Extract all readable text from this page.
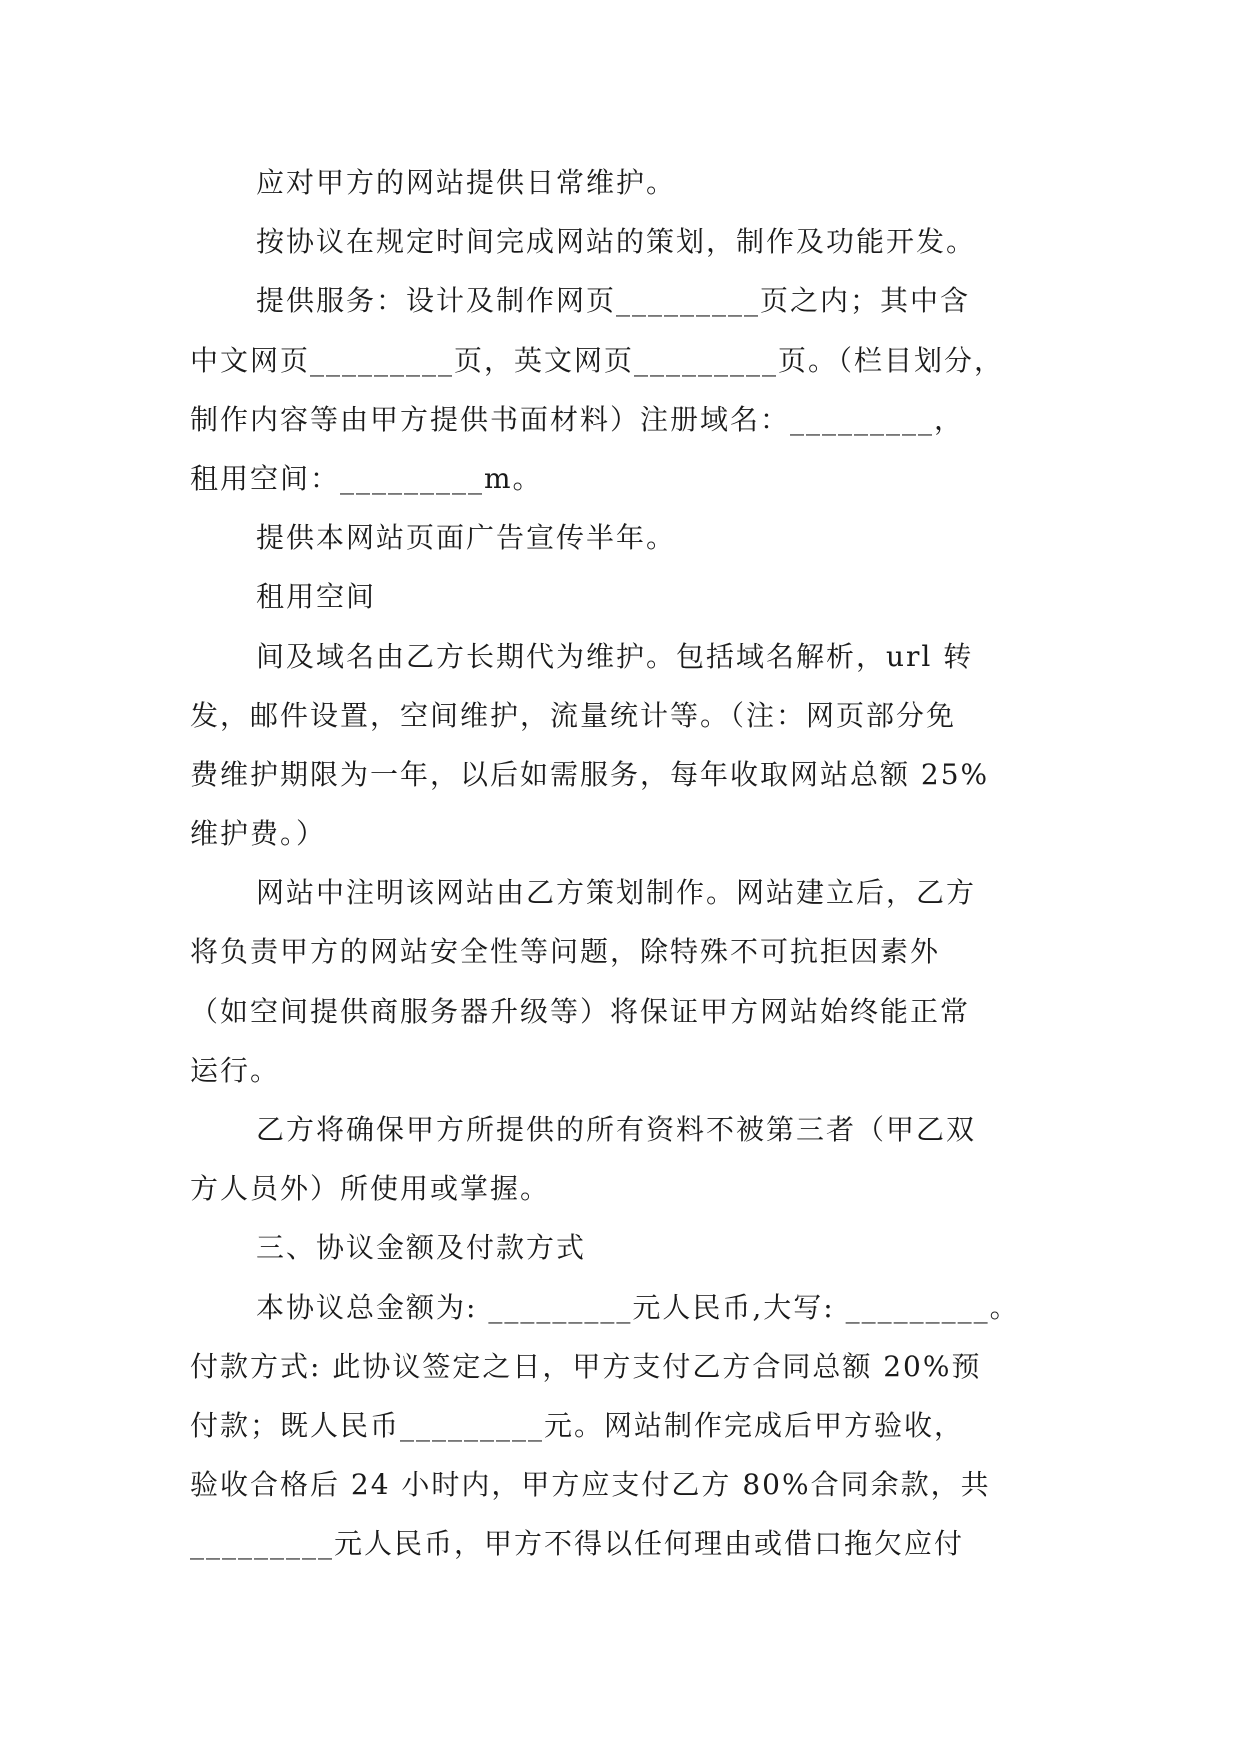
应对甲方的网站提供日常维护。
按协议在规定时间完成网站的策划，制作及功能开发。
提供服务：设计及制作网页_________页之内；其中含
中文网页_________页，英文网页_________页。（栏目划分，
制作内容等由甲方提供书面材料）注册域名：_________，
租用空间：_________m。
提供本网站页面广告宣传半年。
租用空间
间及域名由乙方长期代为维护。包括域名解析，url 转
发，邮件设置，空间维护，流量统计等。（注：网页部分免
费维护期限为一年，以后如需服务，每年收取网站总额 25%
维护费。）
网站中注明该网站由乙方策划制作。网站建立后，乙方
将负责甲方的网站安全性等问题，除特殊不可抗拒因素外
（如空间提供商服务器升级等）将保证甲方网站始终能正常
运行。
乙方将确保甲方所提供的所有资料不被第三者（甲乙双
方人员外）所使用或掌握。
三、协议金额及付款方式
本协议总金额为: _________元人民币,大写: _________。
付款方式: 此协议签定之日，甲方支付乙方合同总额 20%预
付款；既人民币_________元。网站制作完成后甲方验收，
验收合格后 24 小时内，甲方应支付乙方 80%合同余款，共
_________元人民币，甲方不得以任何理由或借口拖欠应付
